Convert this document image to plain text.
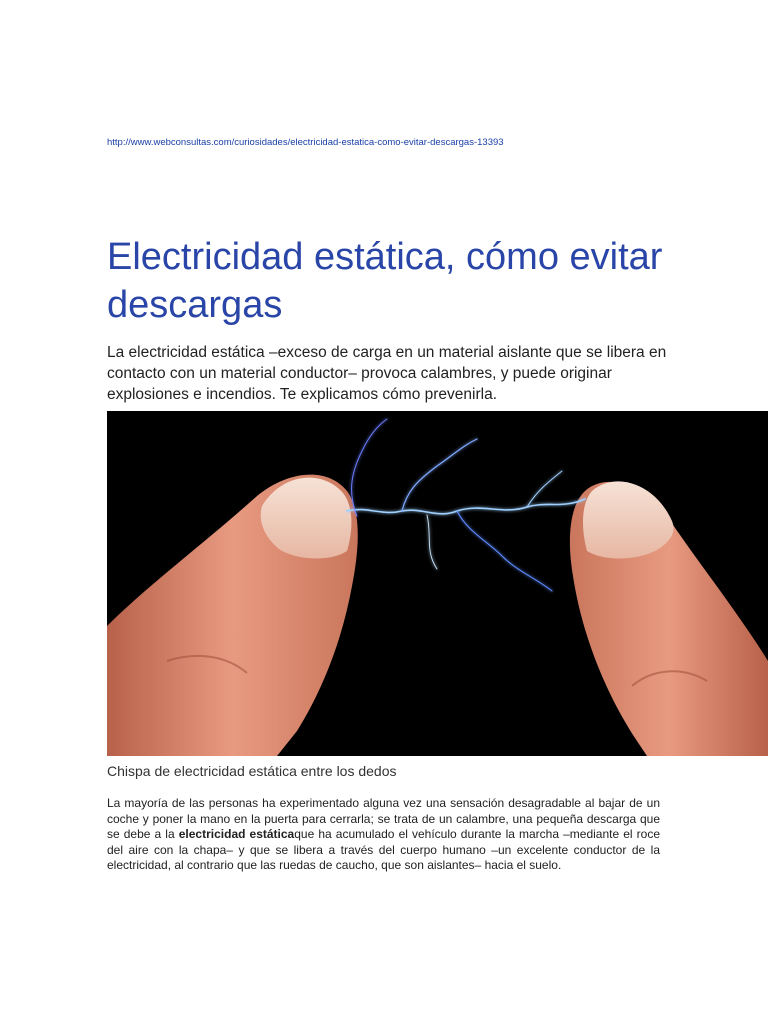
http://www.webconsultas.com/curiosidades/electricidad-estatica-como-evitar-descargas-13393
Electricidad estática, cómo evitar descargas

La electricidad estática –exceso de carga en un material aislante que se libera en contacto con un material conductor– provoca calambres, y puede originar explosiones e incendios. Te explicamos cómo prevenirla.

Chispa de electricidad estática entre los dedos

La mayoría de las personas ha experimentado alguna vez una sensación desagradable al bajar de un coche y poner la mano en la puerta para cerrarla; se trata de un calambre, una pequeña descarga que se debe a la electricidad estáticaque ha acumulado el vehículo durante la marcha –mediante el roce del aire con la chapa– y que se libera a través del cuerpo humano –un excelente conductor de la electricidad, al contrario que las ruedas de caucho, que son aislantes– hacia el suelo.
